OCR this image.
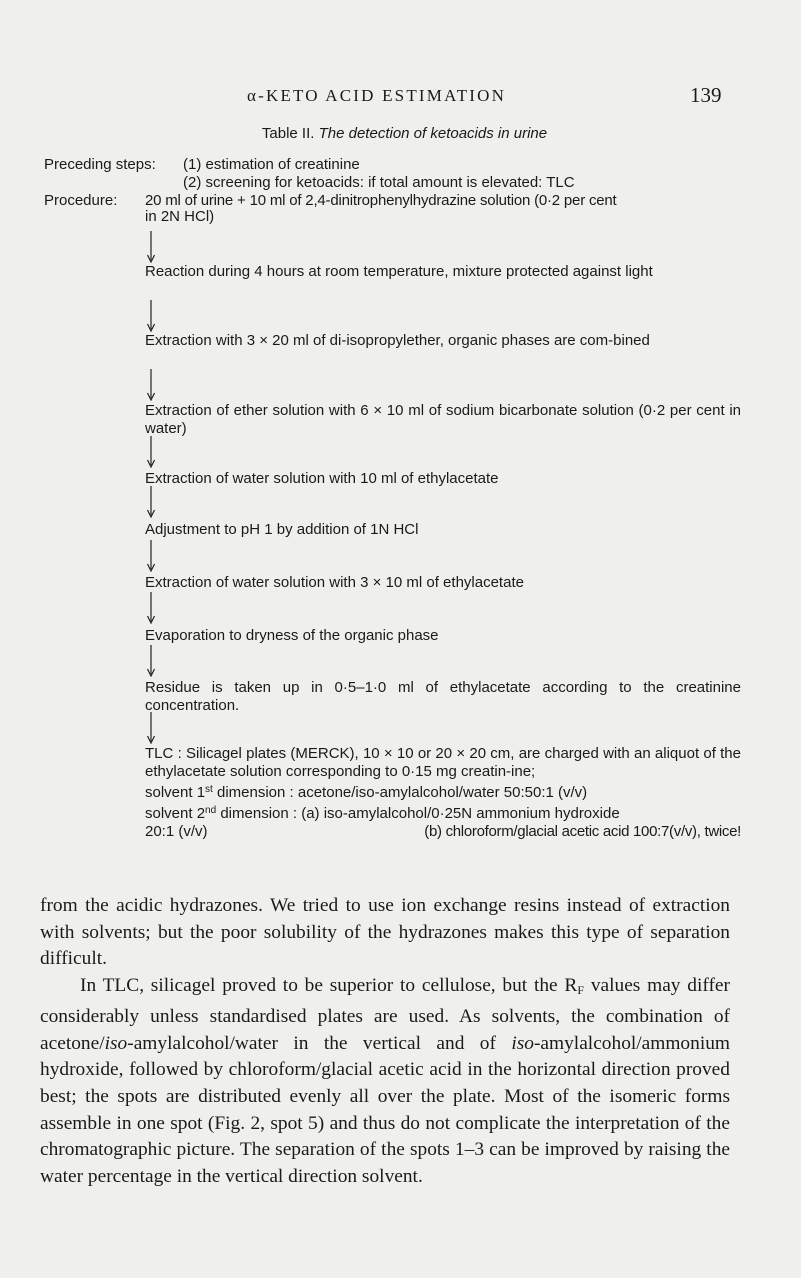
α-KETO ACID ESTIMATION	139
Table II. The detection of ketoacids in urine
Preceding steps: (1) estimation of creatinine
(2) screening for ketoacids: if total amount is elevated: TLC
Procedure: 20 ml of urine + 10 ml of 2,4-dinitrophenylhydrazine solution (0·2 per cent
in 2N HCl)
Reaction during 4 hours at room temperature, mixture protected against light
Extraction with 3 × 20 ml of di-isopropylether, organic phases are com-bined
Extraction of ether solution with 6 × 10 ml of sodium bicarbonate solution (0·2 per cent in water)
Extraction of water solution with 10 ml of ethylacetate
Adjustment to pH 1 by addition of 1N HCl
Extraction of water solution with 3 × 10 ml of ethylacetate
Evaporation to dryness of the organic phase
Residue is taken up in 0·5–1·0 ml of ethylacetate according to the creatinine concentration.
TLC : Silicagel plates (MERCK), 10 × 10 or 20 × 20 cm, are charged with an aliquot of the ethylacetate solution corresponding to 0·15 mg creatin-ine;
solvent 1st dimension : acetone/iso-amylalcohol/water 50:50:1 (v/v)
solvent 2nd dimension : (a) iso-amylalcohol/0·25N ammonium hydroxide

20:1 (v/v)	(b) chloroform/glacial acetic acid 100:7(v/v), twice!

from the acidic hydrazones. We tried to use ion exchange resins instead of extraction with solvents; but the poor solubility of the hydrazones makes this type of separation difficult.

In TLC, silicagel proved to be superior to cellulose, but the RF values may differ considerably unless standardised plates are used. As solvents, the combination of acetone/iso-amylalcohol/water in the vertical and of iso-amylalcohol/ammonium hydroxide, followed by chloroform/glacial acetic acid in the horizontal direction proved best; the spots are distributed evenly all over the plate. Most of the isomeric forms assemble in one spot (Fig. 2, spot 5) and thus do not complicate the interpretation of the chromatographic picture. The separation of the spots 1–3 can be improved by raising the water percentage in the vertical direction solvent.
